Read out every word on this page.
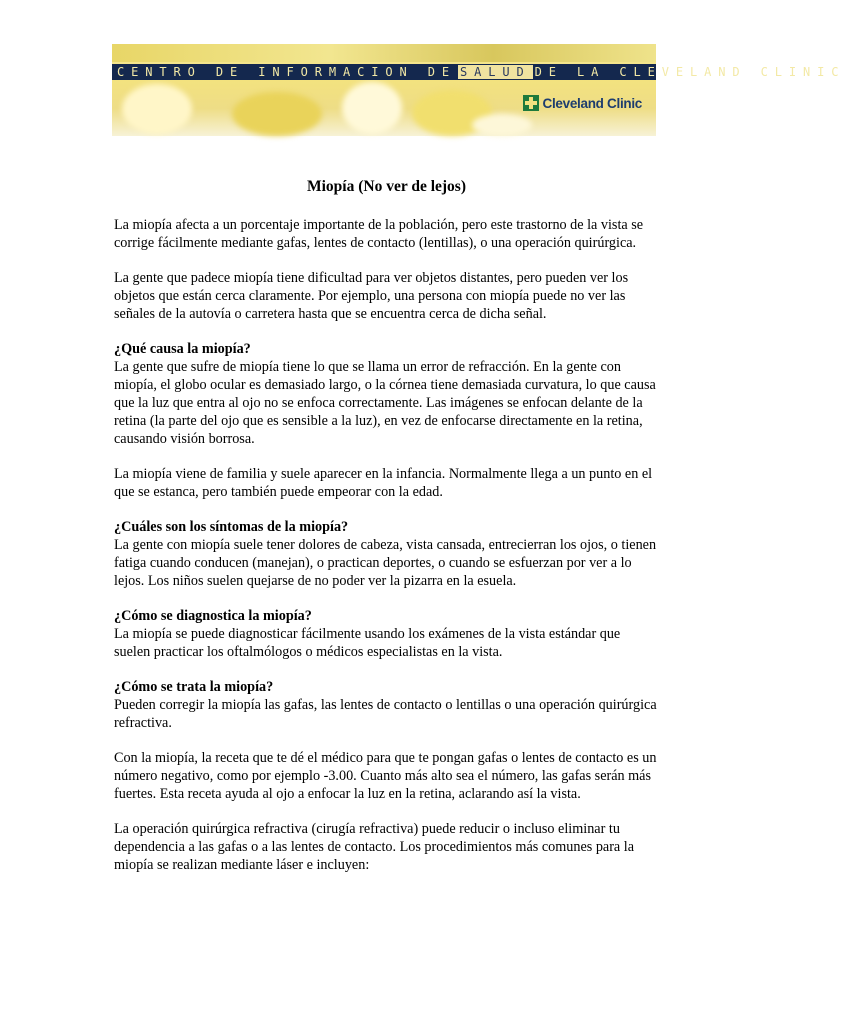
CENTRO DE INFORMACION DE SALUD DE LA CLEVELAND CLINIC
Cleveland Clinic
Miopía (No ver de lejos)

La miopía afecta a un porcentaje importante de la población, pero este trastorno de la vista se corrige fácilmente mediante gafas, lentes de contacto (lentillas), o una operación quirúrgica.

La gente que padece miopía tiene dificultad para ver objetos distantes, pero pueden ver los objetos que están cerca claramente. Por ejemplo, una persona con miopía puede no ver las señales de la autovía o carretera hasta que se encuentra cerca de dicha señal.

¿Qué causa la miopía?

La gente que sufre de miopía tiene lo que se llama un error de refracción. En la gente con miopía, el globo ocular es demasiado largo, o la córnea tiene demasiada curvatura, lo que causa que la luz que entra al ojo no se enfoca correctamente. Las imágenes se enfocan delante de la retina (la parte del ojo que es sensible a la luz), en vez de enfocarse directamente en la retina, causando visión borrosa.

La miopía viene de familia y suele aparecer en la infancia. Normalmente llega a un punto en el que se estanca, pero también puede empeorar con la edad.

¿Cuáles son los síntomas de la miopía?

La gente con miopía suele tener dolores de cabeza, vista cansada, entrecierran los ojos, o tienen fatiga cuando conducen (manejan), o practican deportes, o cuando se esfuerzan por ver a lo lejos. Los niños suelen quejarse de no poder ver la pizarra en la esuela.

¿Cómo se diagnostica la miopía?

La miopía se puede diagnosticar fácilmente usando los exámenes de la vista estándar que suelen practicar los oftalmólogos o médicos especialistas en la vista.

¿Cómo se trata la miopía?

Pueden corregir la miopía las gafas, las lentes de contacto o lentillas o una operación quirúrgica refractiva.

Con la miopía, la receta que te dé el médico para que te pongan gafas o lentes de contacto es un número negativo, como por ejemplo -3.00. Cuanto más alto sea el número, las gafas serán más fuertes. Esta receta ayuda al ojo a enfocar la luz en la retina, aclarando así la vista.

La operación quirúrgica refractiva (cirugía refractiva) puede reducir o incluso eliminar tu dependencia a las gafas o a las lentes de contacto. Los procedimientos más comunes para la miopía se realizan mediante láser e incluyen:
